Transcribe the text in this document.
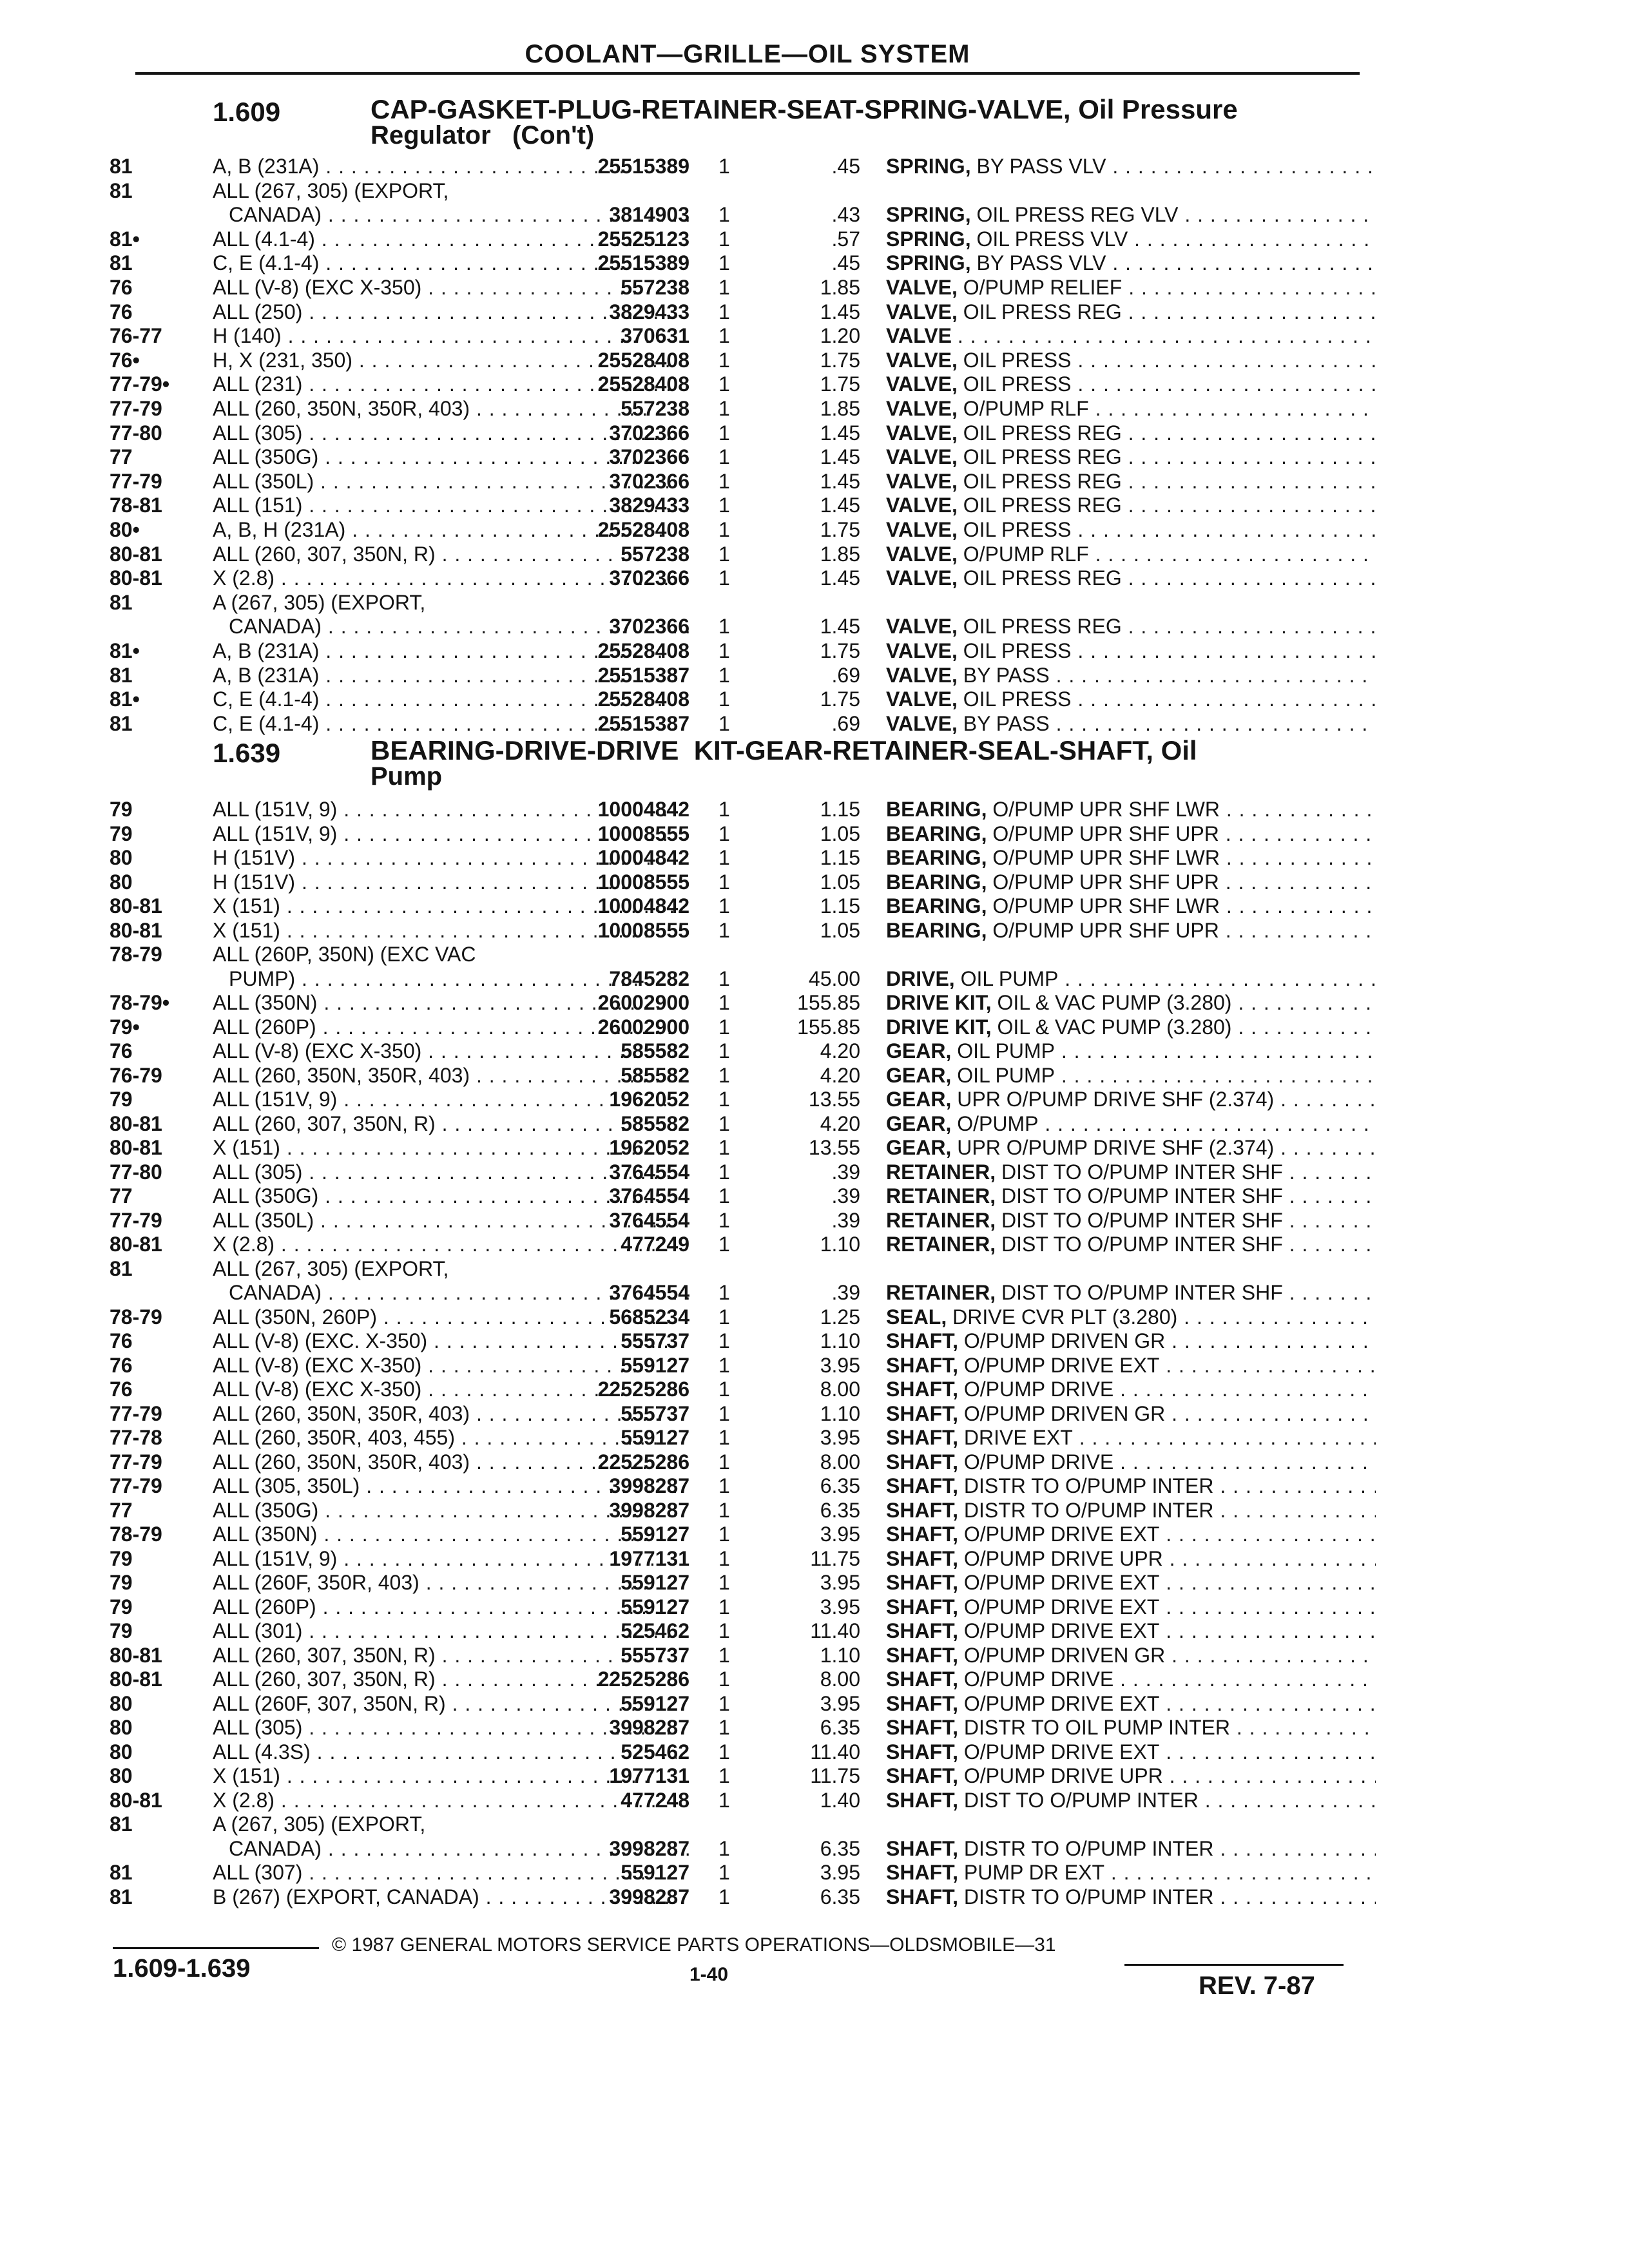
COOLANT—GRILLE—OIL SYSTEM
1.609	CAP-GASKET-PLUG-RETAINER-SEAT-SPRING-VALVE, Oil Pressure
Regulator   (Con't)
81	A, B (231A) . . .	25515389 1	.45 SPRING, BY PASS VLV . . .
81	ALL (267, 305) (EXPORT,
CANADA) . . .	3814903 1	.43 SPRING, OIL PRESS REG VLV . . .
81•	ALL (4.1-4) . . .	25525123 1	.57 SPRING, OIL PRESS VLV . . .
81	C, E (4.1-4) . . .	25515389 1	.45 SPRING, BY PASS VLV . . .
76	ALL (V-8) (EXC X-350) . . .	557238 1	1.85 VALVE, O/PUMP RELIEF . . .
76	ALL (250) . . .	3829433 1	1.45 VALVE, OIL PRESS REG . . .
76-77	H (140) . . .	370631 1	1.20 VALVE . . .
76•	H, X (231, 350) . . .	25528408 1	1.75 VALVE, OIL PRESS . . .
77-79•	ALL (231) . . .	25528408 1	1.75 VALVE, OIL PRESS . . .
77-79	ALL (260, 350N, 350R, 403) . . .	557238 1	1.85 VALVE, O/PUMP RLF . . .
77-80	ALL (305) . . .	3702366 1	1.45 VALVE, OIL PRESS REG . . .
77	ALL (350G) . . .	3702366 1	1.45 VALVE, OIL PRESS REG . . .
77-79	ALL (350L) . . .	3702366 1	1.45 VALVE, OIL PRESS REG . . .
78-81	ALL (151) . . .	3829433 1	1.45 VALVE, OIL PRESS REG . . .
80•	A, B, H (231A) . . .	25528408 1	1.75 VALVE, OIL PRESS . . .
80-81	ALL (260, 307, 350N, R) . . .	557238 1	1.85 VALVE, O/PUMP RLF . . .
80-81	X (2.8) . . .	3702366 1	1.45 VALVE, OIL PRESS REG . . .
81	A (267, 305) (EXPORT,
CANADA) . . .	3702366 1	1.45 VALVE, OIL PRESS REG . . .
81•	A, B (231A) . . .	25528408 1	1.75 VALVE, OIL PRESS . . .
81	A, B (231A) . . .	25515387 1	.69 VALVE, BY PASS . . .
81•	C, E (4.1-4) . . .	25528408 1	1.75 VALVE, OIL PRESS . . .
81	C, E (4.1-4) . . .	25515387 1	.69 VALVE, BY PASS . . .
1.639	BEARING-DRIVE-DRIVE  KIT-GEAR-RETAINER-SEAL-SHAFT, Oil
Pump
79	ALL (151V, 9) . . .	10004842 1	1.15 BEARING, O/PUMP UPR SHF LWR . . .
79	ALL (151V, 9) . . .	10008555 1	1.05 BEARING, O/PUMP UPR SHF UPR . . .
80	H (151V) . . .	10004842 1	1.15 BEARING, O/PUMP UPR SHF LWR . . .
80	H (151V) . . .	10008555 1	1.05 BEARING, O/PUMP UPR SHF UPR . . .
80-81	X (151) . . .	10004842 1	1.15 BEARING, O/PUMP UPR SHF LWR . . .
80-81	X (151) . . .	10008555 1	1.05 BEARING, O/PUMP UPR SHF UPR . . .
78-79	ALL (260P, 350N) (EXC VAC
PUMP) . . .	7845282 1	45.00 DRIVE, OIL PUMP . . .
78-79•	ALL (350N) . . .	26002900 1	155.85 DRIVE KIT, OIL & VAC PUMP (3.280) . . .
79•	ALL (260P) . . .	26002900 1	155.85 DRIVE KIT, OIL & VAC PUMP (3.280) . . .
76	ALL (V-8) (EXC X-350) . . .	585582 1	4.20 GEAR, OIL PUMP . . .
76-79	ALL (260, 350N, 350R, 403) . . .	585582 1	4.20 GEAR, OIL PUMP . . .
79	ALL (151V, 9) . . .	1962052 1	13.55 GEAR, UPR O/PUMP DRIVE SHF (2.374) . . .
80-81	ALL (260, 307, 350N, R) . . .	585582 1	4.20 GEAR, O/PUMP . . .
80-81	X (151) . . .	1962052 1	13.55 GEAR, UPR O/PUMP DRIVE SHF (2.374) . . .
77-80	ALL (305) . . .	3764554 1	.39 RETAINER, DIST TO O/PUMP INTER SHF . . .
77	ALL (350G) . . .	3764554 1	.39 RETAINER, DIST TO O/PUMP INTER SHF . . .
77-79	ALL (350L) . . .	3764554 1	.39 RETAINER, DIST TO O/PUMP INTER SHF . . .
80-81	X (2.8) . . .	477249 1	1.10 RETAINER, DIST TO O/PUMP INTER SHF . . .
81	ALL (267, 305) (EXPORT,
CANADA) . . .	3764554 1	.39 RETAINER, DIST TO O/PUMP INTER SHF . . .
78-79	ALL (350N, 260P) . . .	5685234 1	1.25 SEAL, DRIVE CVR PLT (3.280) . . .
76	ALL (V-8) (EXC. X-350) . . .	555737 1	1.10 SHAFT, O/PUMP DRIVEN GR . . .
76	ALL (V-8) (EXC X-350) . . .	559127 1	3.95 SHAFT, O/PUMP DRIVE EXT . . .
76	ALL (V-8) (EXC X-350) . . .	22525286 1	8.00 SHAFT, O/PUMP DRIVE . . .
77-79	ALL (260, 350N, 350R, 403) . . .	555737 1	1.10 SHAFT, O/PUMP DRIVEN GR . . .
77-78	ALL (260, 350R, 403, 455) . . .	559127 1	3.95 SHAFT, DRIVE EXT . . .
77-79	ALL (260, 350N, 350R, 403) . . .	22525286 1	8.00 SHAFT, O/PUMP DRIVE . . .
77-79	ALL (305, 350L) . . .	3998287 1	6.35 SHAFT, DISTR TO O/PUMP INTER . . .
77	ALL (350G) . . .	3998287 1	6.35 SHAFT, DISTR TO O/PUMP INTER . . .
78-79	ALL (350N) . . .	559127 1	3.95 SHAFT, O/PUMP DRIVE EXT . . .
79	ALL (151V, 9) . . .	1977131 1	11.75 SHAFT, O/PUMP DRIVE UPR . . .
79	ALL (260F, 350R, 403) . . .	559127 1	3.95 SHAFT, O/PUMP DRIVE EXT . . .
79	ALL (260P) . . .	559127 1	3.95 SHAFT, O/PUMP DRIVE EXT . . .
79	ALL (301) . . .	525462 1	11.40 SHAFT, O/PUMP DRIVE EXT . . .
80-81	ALL (260, 307, 350N, R) . . .	555737 1	1.10 SHAFT, O/PUMP DRIVEN GR . . .
80-81	ALL (260, 307, 350N, R) . . .	22525286 1	8.00 SHAFT, O/PUMP DRIVE . . .
80	ALL (260F, 307, 350N, R) . . .	559127 1	3.95 SHAFT, O/PUMP DRIVE EXT . . .
80	ALL (305) . . .	3998287 1	6.35 SHAFT, DISTR TO OIL PUMP INTER . . .
80	ALL (4.3S) . . .	525462 1	11.40 SHAFT, O/PUMP DRIVE EXT . . .
80	X (151) . . .	1977131 1	11.75 SHAFT, O/PUMP DRIVE UPR . . .
80-81	X (2.8) . . .	477248 1	1.40 SHAFT, DIST TO O/PUMP INTER . . .
81	A (267, 305) (EXPORT,
CANADA) . . .	3998287 1	6.35 SHAFT, DISTR TO O/PUMP INTER . . .
81	ALL (307) . . .	559127 1	3.95 SHAFT, PUMP DR EXT . . .
81	B (267) (EXPORT, CANADA) . . .	3998287 1	6.35 SHAFT, DISTR TO O/PUMP INTER . . .
© 1987 GENERAL MOTORS SERVICE PARTS OPERATIONS—OLDSMOBILE—31
1.609-1.639	1-40	REV. 7-87
